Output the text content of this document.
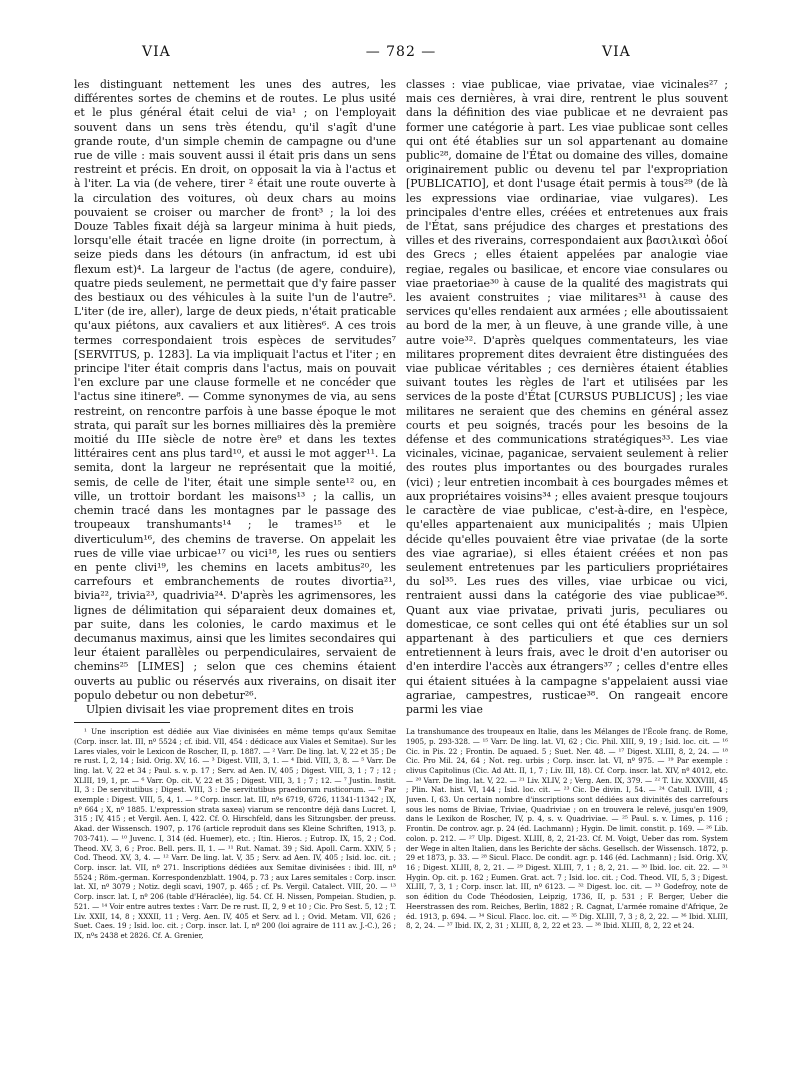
VIA	— 782 —	VIA

les distinguant nettement les unes des autres, les différentes sortes de chemins et de routes. Le plus usité et le plus général était celui de via¹ ; on l'employait souvent dans un sens très étendu, qu'il s'agît d'une grande route, d'un simple chemin de campagne ou d'une rue de ville : mais souvent aussi il était pris dans un sens restreint et précis. En droit, on opposait la via à l'actus et à l'iter. La via (de vehere, tirer ² était une route ouverte à la circulation des voitures, où deux chars au moins pouvaient se croiser ou marcher de front³ ; la loi des Douze Tables fixait déjà sa largeur minima à huit pieds, lorsqu'elle était tracée en ligne droite (in porrectum, à seize pieds dans les détours (in anfractum, id est ubi flexum est)⁴. La largeur de l'actus (de agere, conduire), quatre pieds seulement, ne permettait que d'y faire passer des bestiaux ou des véhicules à la suite l'un de l'autre⁵. L'iter (de ire, aller), large de deux pieds, n'était praticable qu'aux piétons, aux cavaliers et aux litières⁶. A ces trois termes correspondaient trois espèces de servitudes⁷ [SERVITUS, p. 1283]. La via impliquait l'actus et l'iter ; en principe l'iter était compris dans l'actus, mais on pouvait l'en exclure par une clause formelle et ne concéder que l'actus sine itinere⁸. — Comme synonymes de via, au sens restreint, on rencontre parfois à une basse époque le mot strata, qui paraît sur les bornes milliaires dès la première moitié du IIIe siècle de notre ère⁹ et dans les textes littéraires cent ans plus tard¹⁰, et aussi le mot agger¹¹. La semita, dont la largeur ne représentait que la moitié, semis, de celle de l'iter, était une simple sente¹² ou, en ville, un trottoir bordant les maisons¹³ ; la callis, un chemin tracé dans les montagnes par le passage des troupeaux transhumants¹⁴ ; le trames¹⁵ et le diverticulum¹⁶, des chemins de traverse. On appelait les rues de ville viae urbicae¹⁷ ou vici¹⁸, les rues ou sentiers en pente clivi¹⁹, les chemins en lacets ambitus²⁰, les carrefours et embranchements de routes divortia²¹, bivia²², trivia²³, quadrivia²⁴. D'après les agrimensores, les lignes de délimitation qui séparaient deux domaines et, par suite, dans les colonies, le cardo maximus et le decumanus maximus, ainsi que les limites secondaires qui leur étaient parallèles ou perpendiculaires, servaient de chemins²⁵ [LIMES] ; selon que ces chemins étaient ouverts au public ou réservés aux riverains, on disait iter populo debetur ou non debetur²⁶.

Ulpien divisait les viae proprement dites en trois

¹ Une inscription est dédiée aux Viae divinisées en même temps qu'aux Semitae (Corp. inscr. lat. III, nº 5524 ; cf. ibid. VII, 454 : dédicace aux Viales et Semitae). Sur les Lares viales, voir le Lexicon de Roscher, II, p. 1887. — ² Varr. De ling. lat. V, 22 et 35 ; De re rust. I, 2, 14 ; Isid. Orig. XV, 16. — ³ Digest. VIII, 3, 1. — ⁴ Ibid. VIII, 3, 8. — ⁵ Varr. De ling. lat. V, 22 et 34 ; Paul. s. v. p. 17 ; Serv. ad Aen. IV, 405 ; Digest. VIII, 3, 1 ; 7 ; 12 ; XLIII, 19, 1, pr. — ⁶ Varr. Op. cit. V, 22 et 35 ; Digest. VIII, 3, 1 ; 7 ; 12. — ⁷ Justin. Instit. II, 3 : De servitutibus ; Digest. VIII, 3 : De servitutibus praediorum rusticorum. — ⁸ Par exemple : Digest. VIII, 5, 4, 1. — ⁹ Corp. inscr. lat. III, nºs 6719, 6726, 11341-11342 ; IX, nº 664 ; X, nº 1885. L'expression strata saxea) viarum se rencontre déjà dans Lucret. I, 315 ; IV, 415 ; et Vergil. Aen. I, 422. Cf. O. Hirschfeld, dans les Sitzungsber. der preuss. Akad. der Wissensch. 1907, p. 176 (article reproduit dans ses Kleine Schriften, 1913, p. 703-741). — ¹⁰ Juvenc. I, 314 (éd. Huemer), etc. ; Itin. Hieros. ; Eutrop. IX, 15, 2 ; Cod. Theod. XV, 3, 6 ; Proc. Bell. pers. II, 1. — ¹¹ Rut. Namat. 39 ; Sid. Apoll. Carm. XXIV, 5 ; Cod. Theod. XV, 3, 4. — ¹² Varr. De ling. lat. V, 35 ; Serv. ad Aen. IV, 405 ; Isid. loc. cit. ; Corp. inscr. lat. VII, nº 271. Inscriptions dédiées aux Semitae divinisées : ibid. III, nº 5524 ; Röm.-german. Korrespondenzblatt. 1904, p. 73 ; aux Lares semitales : Corp. inscr. lat. XI, nº 3079 ; Notiz. degli scavi, 1907, p. 465 ; cf. Ps. Vergil. Catalect. VIII, 20. — ¹³ Corp. inscr. lat. I, nº 206 (table d'Héraclée), lig. 54. Cf. H. Nissen, Pompeian. Studien, p. 521. — ¹⁴ Voir entre autres textes : Varr. De re rust. II, 2, 9 et 10 ; Cic. Pro Sest. 5, 12 ; T. Liv. XXII, 14, 8 ; XXXII, 11 ; Verg. Aen. IV, 405 et Serv. ad l. ; Ovid. Metam. VII, 626 ; Suet. Caes. 19 ; Isid. loc. cit. ; Corp. inscr. lat. I, nº 200 (loi agraire de 111 av. J.-C.), 26 ; IX, nºs 2438 et 2826. Cf. A. Grenier,

classes : viae publicae, viae privatae, viae vicinales²⁷ ; mais ces dernières, à vrai dire, rentrent le plus souvent dans la définition des viae publicae et ne devraient pas former une catégorie à part. Les viae publicae sont celles qui ont été établies sur un sol appartenant au domaine public²⁸, domaine de l'État ou domaine des villes, domaine originairement public ou devenu tel par l'expropriation [PUBLICATIO], et dont l'usage était permis à tous²⁹ (de là les expressions viae ordinariae, viae vulgares). Les principales d'entre elles, créées et entretenues aux frais de l'État, sans préjudice des charges et prestations des villes et des riverains, correspondaient aux βασιλικαὶ ὁδοί des Grecs ; elles étaient appelées par analogie viae regiae, regales ou basilicae, et encore viae consulares ou viae praetoriae³⁰ à cause de la qualité des magistrats qui les avaient construites ; viae militares³¹ à cause des services qu'elles rendaient aux armées ; elle aboutissaient au bord de la mer, à un fleuve, à une grande ville, à une autre voie³². D'après quelques commentateurs, les viae militares proprement dites devraient être distinguées des viae publicae véritables ; ces dernières étaient établies suivant toutes les règles de l'art et utilisées par les services de la poste d'État [CURSUS PUBLICUS] ; les viae militares ne seraient que des chemins en général assez courts et peu soignés, tracés pour les besoins de la défense et des communications stratégiques³³. Les viae vicinales, vicinae, paganicae, servaient seulement à relier des routes plus importantes ou des bourgades rurales (vici) ; leur entretien incombait à ces bourgades mêmes et aux propriétaires voisins³⁴ ; elles avaient presque toujours le caractère de viae publicae, c'est-à-dire, en l'espèce, qu'elles appartenaient aux municipalités ; mais Ulpien décide qu'elles pouvaient être viae privatae (de la sorte des viae agrariae), si elles étaient créées et non pas seulement entretenues par les particuliers propriétaires du sol³⁵. Les rues des villes, viae urbicae ou vici, rentraient aussi dans la catégorie des viae publicae³⁶. Quant aux viae privatae, privati juris, peculiares ou domesticae, ce sont celles qui ont été établies sur un sol appartenant à des particuliers et que ces derniers entretiennent à leurs frais, avec le droit d'en autoriser ou d'en interdire l'accès aux étrangers³⁷ ; celles d'entre elles qui étaient situées à la campagne s'appelaient aussi viae agrariae, campestres, rusticae³⁸. On rangeait encore parmi les viae

La transhumance des troupeaux en Italie, dans les Mélanges de l'École franç. de Rome, 1905, p. 293-328. — ¹⁵ Varr. De ling. lat. VI, 62 ; Cic. Phil. XIII, 9, 19 ; Isid. loc. cit. — ¹⁶ Cic. in Pis. 22 ; Frontin. De aquaed. 5 ; Suet. Ner. 48. — ¹⁷ Digest. XLIII, 8, 2, 24. — ¹⁸ Cic. Pro Mil. 24, 64 ; Not. reg. urbis ; Corp. inscr. lat. VI, nº 975. — ¹⁹ Par exemple : clivus Capitolinus (Cic. Ad Att. II, 1, 7 ; Liv. III, 18). Cf. Corp. inscr. lat. XIV, nº 4012, etc. — ²⁰ Varr. De ling. lat. V, 22. — ²¹ Liv. XLIV, 2 ; Verg. Aen. IX, 379. — ²² T. Liv. XXXVIII, 45 ; Plin. Nat. hist. VI, 144 ; Isid. loc. cit. — ²³ Cic. De divin. I, 54. — ²⁴ Catull. LVIII, 4 ; Juven. I, 63. Un certain nombre d'inscriptions sont dédiées aux divinités des carrefours sous les noms de Biviae, Triviae, Quadriviae ; on en trouvera le relevé, jusqu'en 1909, dans le Lexikon de Roscher, IV, p. 4, s. v. Quadriviae. — ²⁵ Paul. s. v. Limes, p. 116 ; Frontin. De controv. agr. p. 24 (éd. Lachmann) ; Hygin. De limit. constit. p. 169. — ²⁶ Lib. colon. p. 212. — ²⁷ Ulp. Digest. XLIII, 8, 2, 21-23. Cf. M. Voigt, Ueber das rom. System der Wege in alten Italien, dans les Berichte der sächs. Gesellsch. der Wissensch. 1872, p. 29 et 1873, p. 33. — ²⁸ Sicul. Flacc. De condit. agr. p. 146 (éd. Lachmann) ; Isid. Orig. XV, 16 ; Digest. XLIII, 8, 2, 21. — ²⁹ Digest. XLIII, 7, 1 ; 8, 2, 21. — ³⁰ Ibid. loc. cit. 22. — ³¹ Hygin. Op. cit. p. 162 ; Eumen. Grat. act. 7 ; Isid. loc. cit. ; Cod. Theod. VII, 5, 3 ; Digest. XLIII, 7, 3, 1 ; Corp. inscr. lat. III, nº 6123. — ³² Digest. loc. cit. — ³³ Godefroy, note de son édition du Code Théodosien, Leipzig, 1736, II, p. 531 ; F. Berger, Ueber die Heerstrassen des rom. Reiches, Berlin, 1882 ; R. Cagnat, L'armée romaine d'Afrique, 2e éd. 1913, p. 694. — ³⁴ Sicul. Flacc. loc. cit. — ³⁵ Dig. XLIII, 7, 3 ; 8, 2, 22. — ³⁶ Ibid. XLIII, 8, 2, 24. — ³⁷ Ibid. IX, 2, 31 ; XLIII, 8, 2, 22 et 23. — ³⁸ Ibid. XLIII, 8, 2, 22 et 24.
